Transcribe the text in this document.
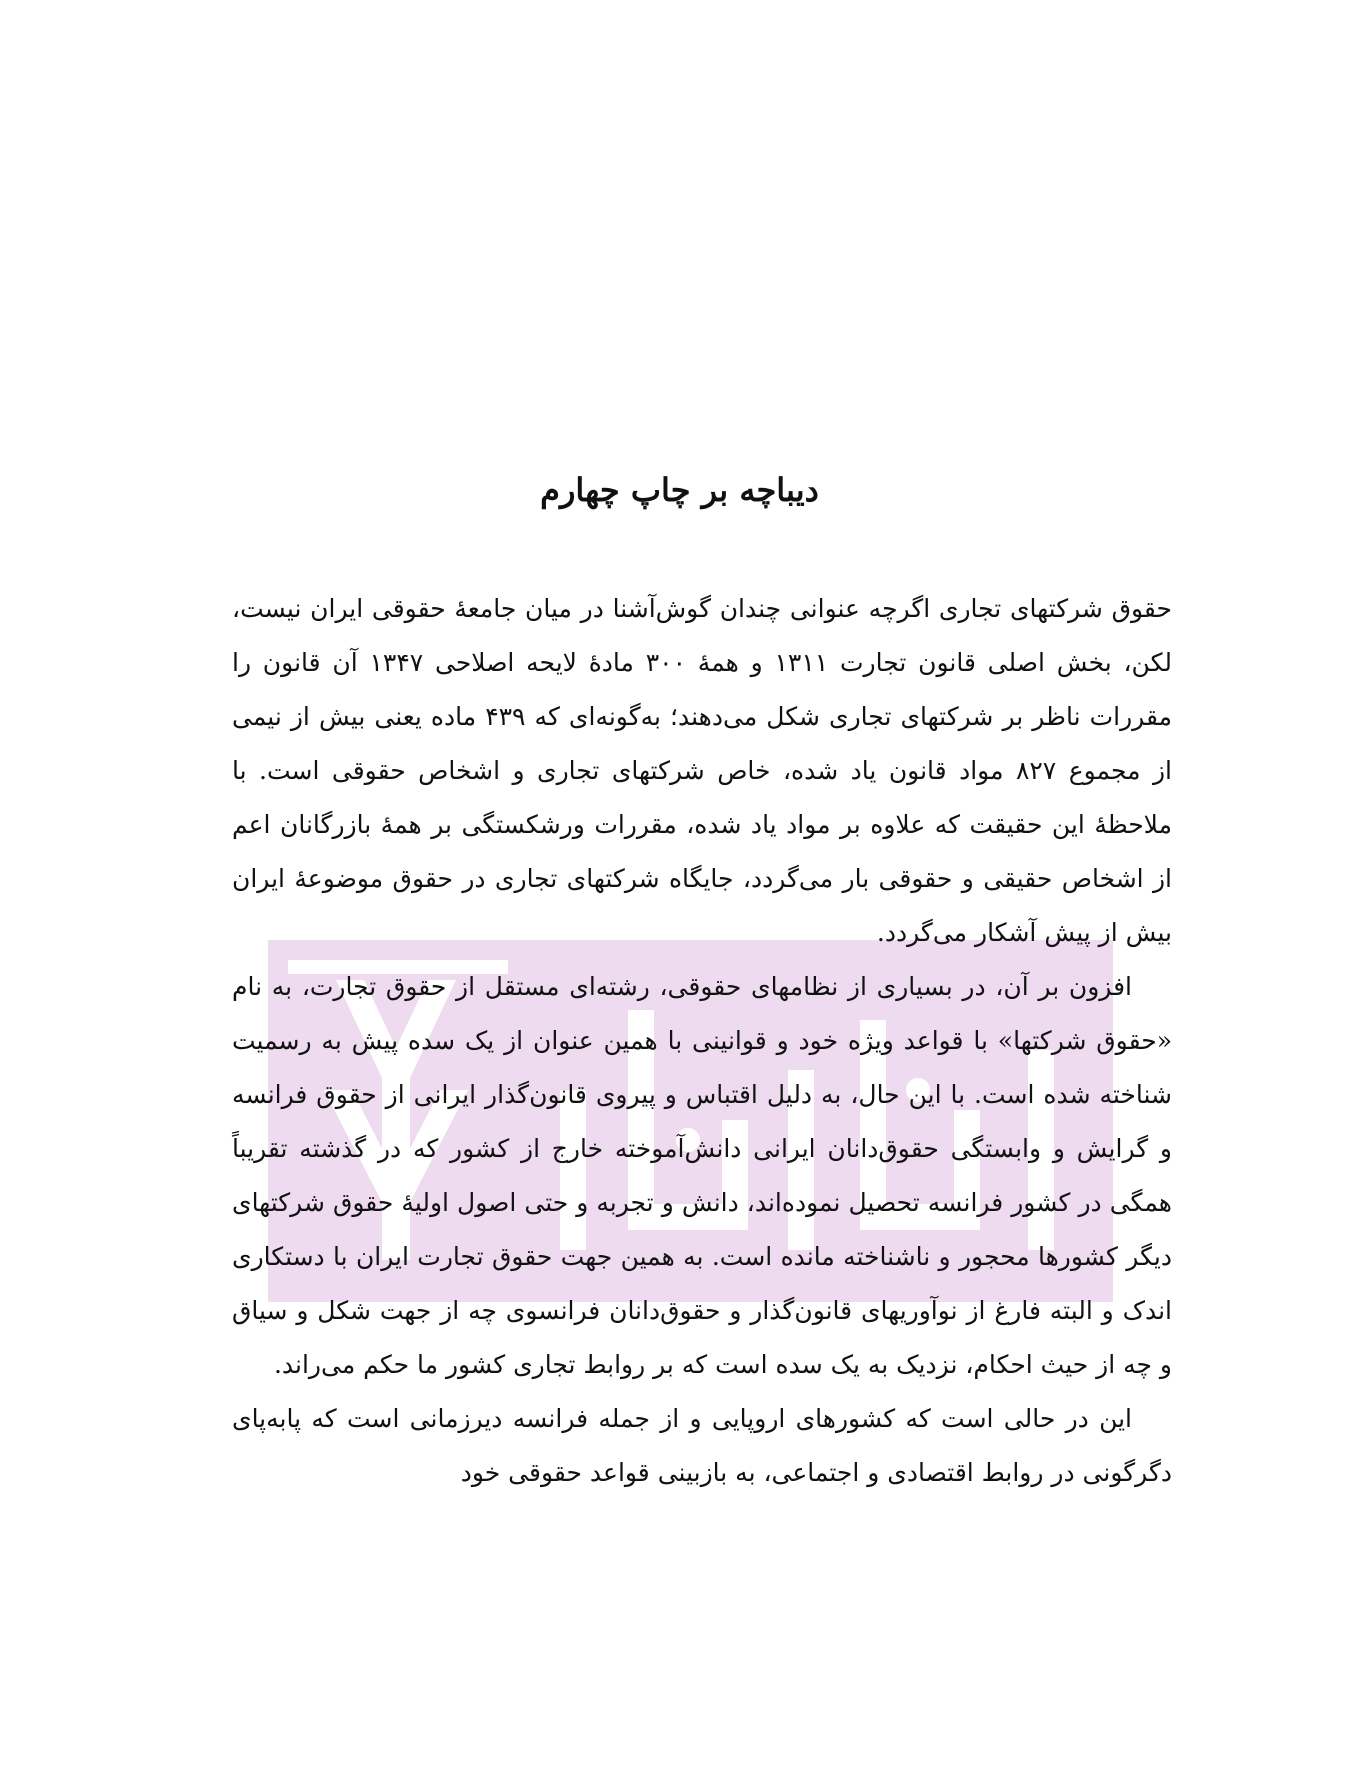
دیباچه بر چاپ چهارم

حقوق شرکتهای تجاری اگرچه عنوانی چندان گوش‌آشنا در میان جامعهٔ حقوقی ایران نیست، لکن، بخش اصلی قانون تجارت ۱۳۱۱ و همهٔ ۳۰۰ مادهٔ لایحه اصلاحی ۱۳۴۷ آن قانون را مقررات ناظر بر شرکتهای تجاری شکل می‌دهند؛ به‌گونه‌ای که ۴۳۹ ماده یعنی بیش از نیمی از مجموع ۸۲۷ مواد قانون یاد شده، خاص شرکتهای تجاری و اشخاص حقوقی است. با ملاحظهٔ این حقیقت که علاوه بر مواد یاد شده، مقررات ورشکستگی بر همهٔ بازرگانان اعم از اشخاص حقیقی و حقوقی بار می‌گردد، جایگاه شرکتهای تجاری در حقوق موضوعهٔ ایران بیش از پیش آشکار می‌گردد.

افزون بر آن، در بسیاری از نظامهای حقوقی، رشته‌ای مستقل از حقوق تجارت، به نام «حقوق شرکتها» با قواعد ویژه خود و قوانینی با همین عنوان از یک سده پیش به رسمیت شناخته شده است. با این حال، به دلیل اقتباس و پیروی قانون‌گذار ایرانی از حقوق فرانسه و گرایش و وابستگی حقوق‌دانان ایرانی دانش‌آموخته خارج از کشور که در گذشته تقریباً همگی در کشور فرانسه تحصیل نموده‌اند، دانش و تجربه و حتی اصول اولیهٔ حقوق شرکتهای دیگر کشورها محجور و ناشناخته مانده است. به همین جهت حقوق تجارت ایران با دستکاری اندک و البته فارغ از نوآوریهای قانون‌گذار و حقوق‌دانان فرانسوی چه از جهت شکل و سیاق و چه از حیث احکام، نزدیک به یک سده است که بر روابط تجاری کشور ما حکم می‌راند.

این در حالی است که کشورهای اروپایی و از جمله فرانسه دیرزمانی است که پابه‌پای دگرگونی در روابط اقتصادی و اجتماعی، به بازبینی قواعد حقوقی خود
